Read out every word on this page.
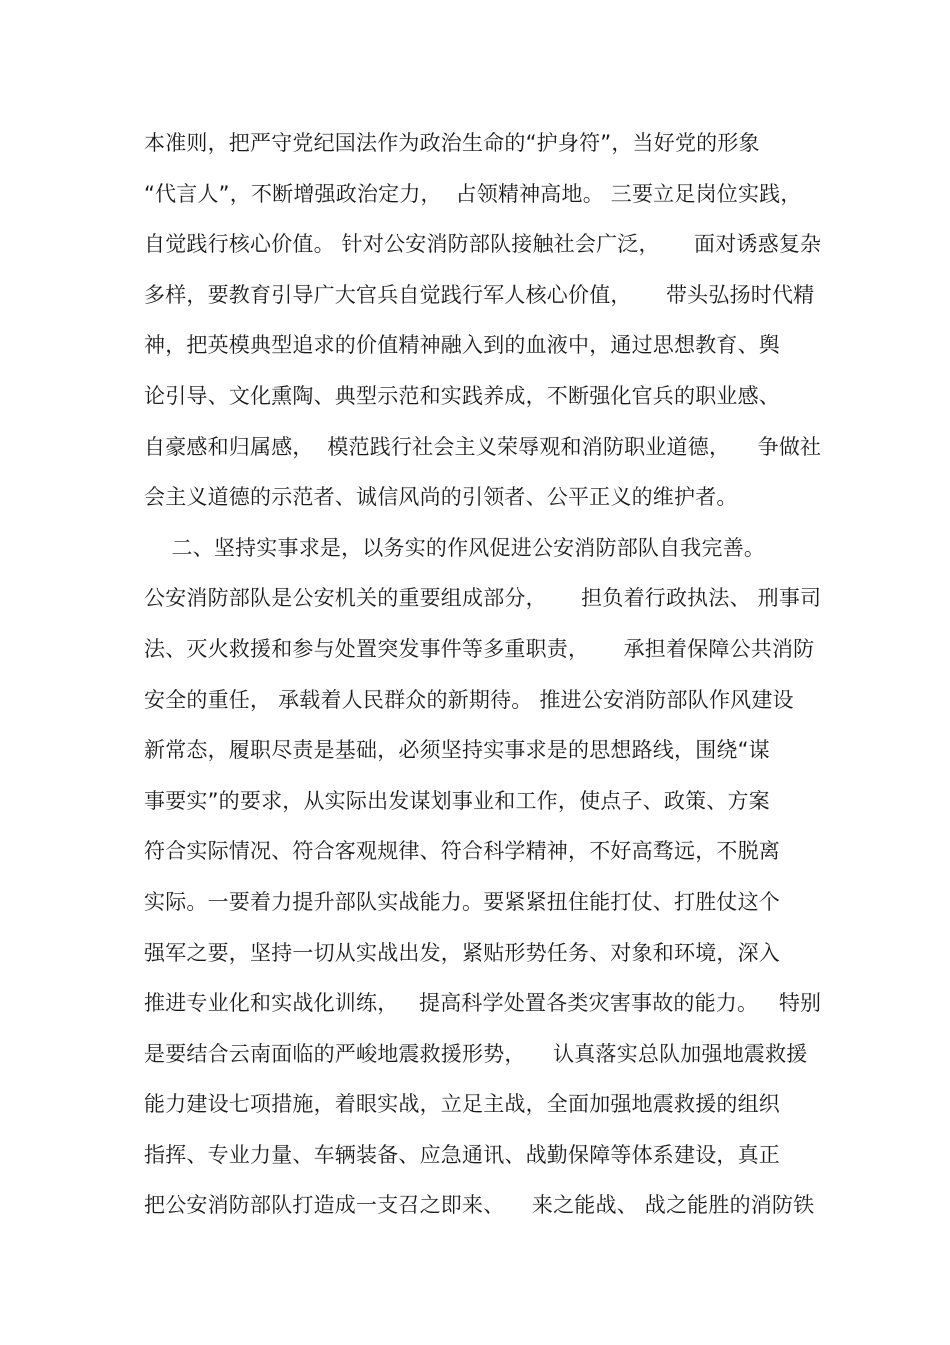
本准则，把严守党纪国法作为政治生命的“护身符”，当好党的形象
“代言人”，不断增强政治定力，  占领精神高地。 三要立足岗位实践，
自觉践行核心价值。 针对公安消防部队接触社会广泛，     面对诱惑复杂
多样，要教育引导广大官兵自觉践行军人核心价值，     带头弘扬时代精
神，把英模典型追求的价值精神融入到的血液中，通过思想教育、舆
论引导、文化熏陶、典型示范和实践养成，不断强化官兵的职业感、
自豪感和归属感，  模范践行社会主义荣辱观和消防职业道德，    争做社
会主义道德的示范者、诚信风尚的引领者、公平正义的维护者。
二、坚持实事求是，以务实的作风促进公安消防部队自我完善。
公安消防部队是公安机关的重要组成部分，     担负着行政执法、 刑事司
法、灭火救援和参与处置突发事件等多重职责，     承担着保障公共消防
安全的重任， 承载着人民群众的新期待。 推进公安消防部队作风建设
新常态，履职尽责是基础，必须坚持实事求是的思想路线，围绕“谋
事要实”的要求，从实际出发谋划事业和工作，使点子、政策、方案
符合实际情况、符合客观规律、符合科学精神，不好高骛远，不脱离
实际。一要着力提升部队实战能力。要紧紧扭住能打仗、打胜仗这个
强军之要，坚持一切从实战出发，紧贴形势任务、对象和环境，深入
推进专业化和实战化训练，   提高科学处置各类灾害事故的能力。   特别
是要结合云南面临的严峻地震救援形势，    认真落实总队加强地震救援
能力建设七项措施，着眼实战，立足主战，全面加强地震救援的组织
指挥、专业力量、车辆装备、应急通讯、战勤保障等体系建设，真正
把公安消防部队打造成一支召之即来、    来之能战、 战之能胜的消防铁
